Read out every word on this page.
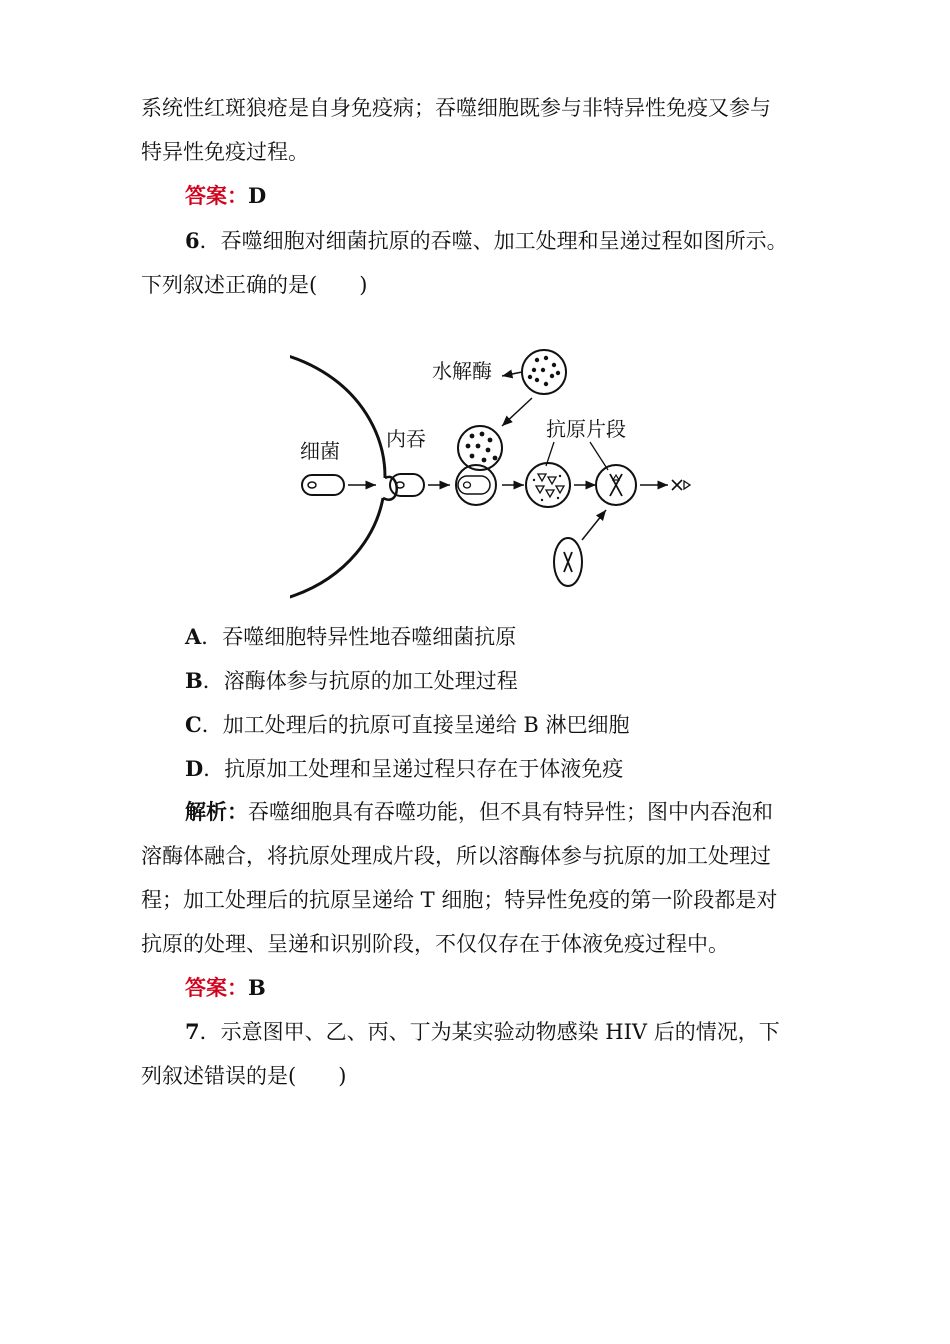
系统性红斑狼疮是自身免疫病；吞噬细胞既参与非特异性免疫又参与
特异性免疫过程。
答案：D
6．吞噬细胞对细菌抗原的吞噬、加工处理和呈递过程如图所示。
下列叙述正确的是(　　)
水解酶
细菌 内吞	抗原片段
A．吞噬细胞特异性地吞噬细菌抗原
B．溶酶体参与抗原的加工处理过程
C．加工处理后的抗原可直接呈递给 B 淋巴细胞
D．抗原加工处理和呈递过程只存在于体液免疫
解析：吞噬细胞具有吞噬功能，但不具有特异性；图中内吞泡和
溶酶体融合，将抗原处理成片段，所以溶酶体参与抗原的加工处理过
程；加工处理后的抗原呈递给 T 细胞；特异性免疫的第一阶段都是对
抗原的处理、呈递和识别阶段，不仅仅存在于体液免疫过程中。
答案：B
7．示意图甲、乙、丙、丁为某实验动物感染 HIV 后的情况，下
列叙述错误的是(　　)
